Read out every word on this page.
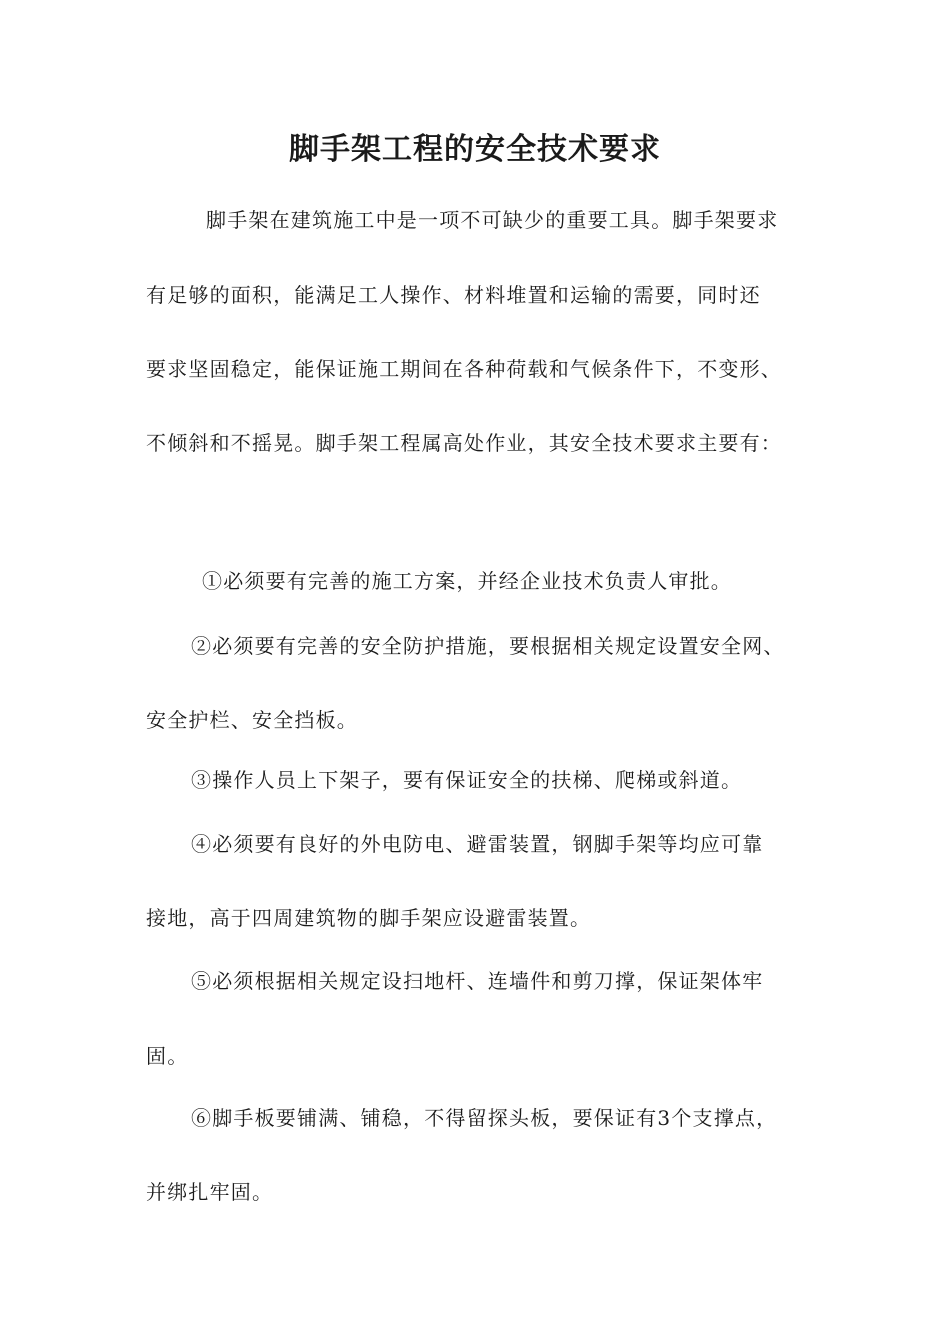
脚手架工程的安全技术要求

脚手架在建筑施工中是一项不可缺少的重要工具。脚手架要求

有足够的面积，能满足工人操作、材料堆置和运输的需要，同时还

要求坚固稳定，能保证施工期间在各种荷载和气候条件下，不变形、

不倾斜和不摇晃。脚手架工程属高处作业，其安全技术要求主要有：

①必须要有完善的施工方案，并经企业技术负责人审批。

②必须要有完善的安全防护措施，要根据相关规定设置安全网、

安全护栏、安全挡板。

③操作人员上下架子，要有保证安全的扶梯、爬梯或斜道。

④必须要有良好的外电防电、避雷装置，钢脚手架等均应可靠

接地，高于四周建筑物的脚手架应设避雷装置。

⑤必须根据相关规定设扫地杆、连墙件和剪刀撑，保证架体牢

固。

⑥脚手板要铺满、铺稳，不得留探头板，要保证有3个支撑点，

并绑扎牢固。
